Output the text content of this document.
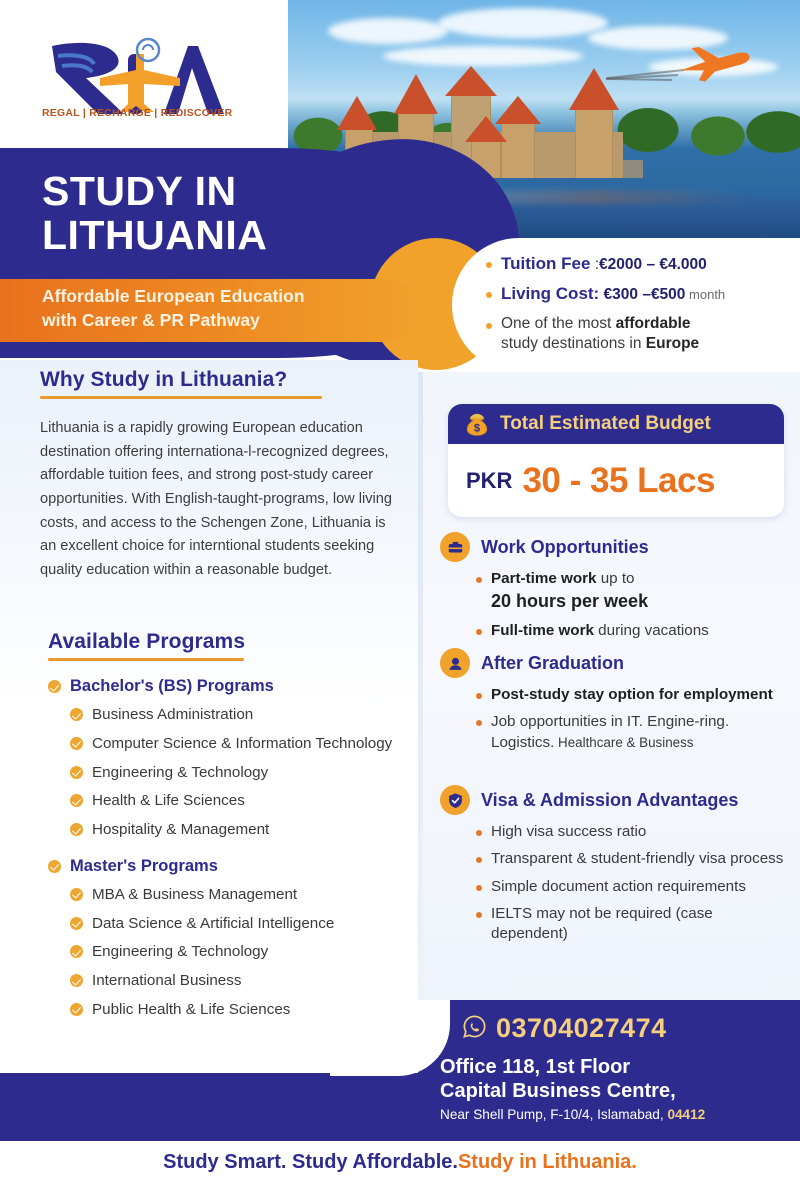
STUDY IN
LITHUANIA
Affordable European Education
with Career & PR Pathway
Tuition Fee :€2000 – €4.000
Living Cost: €300 –€500 month
One of the most affordable
study destinations in Europe
REGAL | RECHARGE | REDISCOVER
Why Study in Lithuania?
Lithuania is a rapidly growing European education destination offering internationa-l-recognized degrees, affordable tuition fees, and strong post-study career opportunities. With English-taught-programs, low living costs, and access to the Schengen Zone, Lithuania is an excellent choice for interntional students seeking quality education within a reasonable budget.
Available Programs
Bachelor's (BS) Programs
Business Administration
Computer Science & Information Technology
Engineering & Technology
Health & Life Sciences
Hospitality & Management
Master's Programs
MBA & Business Management
Data Science & Artificial Intelligence
Engineering & Technology
International Business
Public Health & Life Sciences
$ Total Estimated Budget
PKR 30 - 35 Lacs
Work Opportunities
Part-time work up to
20 hours per week
Full-time work during vacations
After Graduation
Post-study stay option for employment
Job opportunities in IT. Engine-ring. Logistics. Healthcare & Business
Visa & Admission Advantages
High visa success ratio
Transparent & student-friendly visa process
Simple document action requirements
IELTS may not be required (case dependent)
03704027474
Office 118, 1st Floor
Capital Business Centre,
Near Shell Pump, F-10/4, Islamabad, 04412
Study Smart. Study Affordable. Study in Lithuania.
